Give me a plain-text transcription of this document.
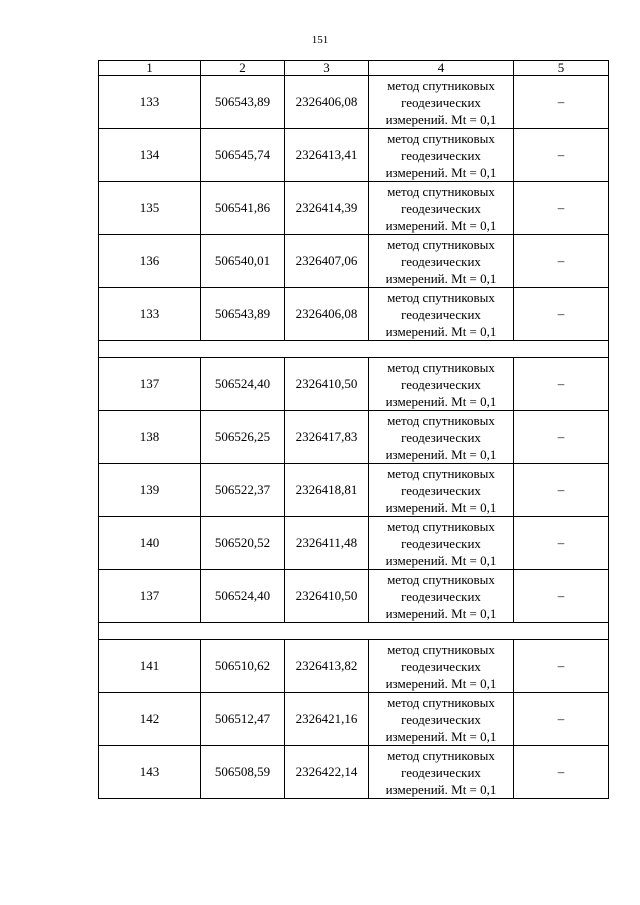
151
1	2	3	4	5
133	506543,89	2326406,08	метод спутниковых
геодезических
измерений. Mt = 0,1	–
134	506545,74	2326413,41	метод спутниковых
геодезических
измерений. Mt = 0,1	–
135	506541,86	2326414,39	метод спутниковых
геодезических
измерений. Mt = 0,1	–
136	506540,01	2326407,06	метод спутниковых
геодезических
измерений. Mt = 0,1	–
133	506543,89	2326406,08	метод спутниковых
геодезических
измерений. Mt = 0,1	–

137	506524,40	2326410,50	метод спутниковых
геодезических
измерений. Mt = 0,1	–
138	506526,25	2326417,83	метод спутниковых
геодезических
измерений. Mt = 0,1	–
139	506522,37	2326418,81	метод спутниковых
геодезических
измерений. Mt = 0,1	–
140	506520,52	2326411,48	метод спутниковых
геодезических
измерений. Mt = 0,1	–
137	506524,40	2326410,50	метод спутниковых
геодезических
измерений. Mt = 0,1	–

141	506510,62	2326413,82	метод спутниковых
геодезических
измерений. Mt = 0,1	–
142	506512,47	2326421,16	метод спутниковых
геодезических
измерений. Mt = 0,1	–
143	506508,59	2326422,14	метод спутниковых
геодезических
измерений. Mt = 0,1	–
